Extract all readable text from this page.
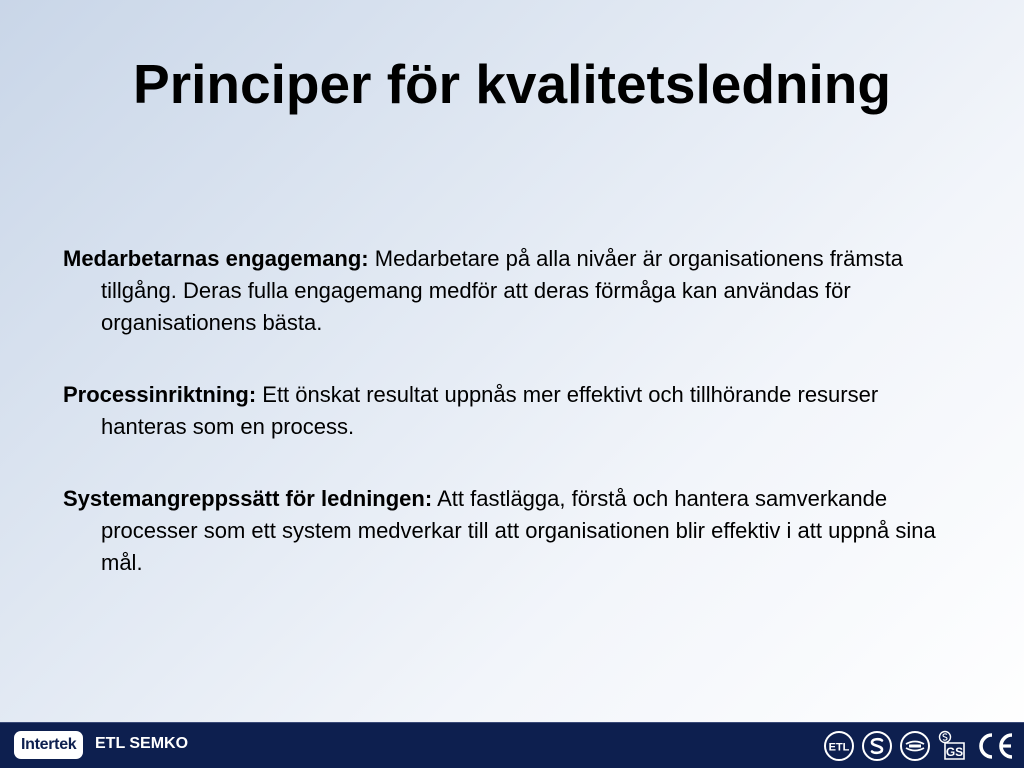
Principer för kvalitetsledning

Medarbetarnas engagemang: Medarbetare på alla nivåer är organisationens främsta tillgång. Deras fulla engagemang medför att deras förmåga kan användas för organisationens bästa.

Processinriktning: Ett önskat resultat uppnås mer effektivt och tillhörande resurser hanteras som en process.

Systemangreppssätt för ledningen: Att fastlägga, förstå och hantera samverkande processer som ett system medverkar till att organisationen blir effektiv i att uppnå sina mål.

Intertek ETL SEMKO	ETL	GS
